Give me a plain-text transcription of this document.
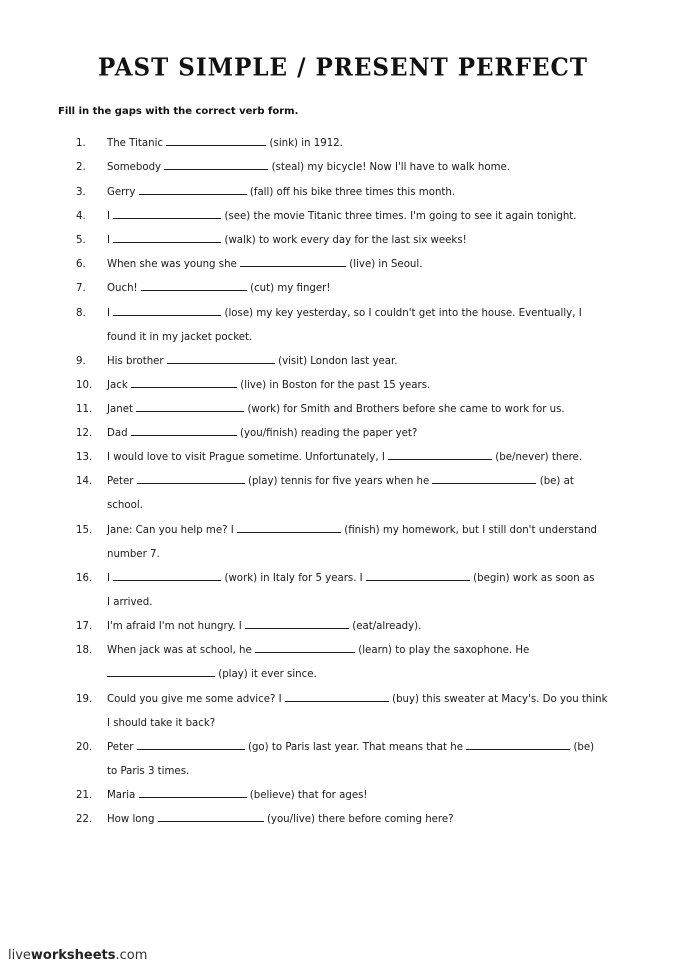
PAST SIMPLE / PRESENT PERFECT
Fill in the gaps with the correct verb form.
1.	The Titanic	(sink) in 1912.
2.	Somebody	(steal) my bicycle! Now I'll have to walk home.
3.	Gerry	(fall) off his bike three times this month.
4.	I	(see) the movie Titanic three times. I'm going to see it again tonight.
5.	I	(walk) to work every day for the last six weeks!
6.	When she was young she	(live) in Seoul.
7.	Ouch!	(cut) my finger!
8.	I	(lose) my key yesterday, so I couldn't get into the house. Eventually, I
found it in my jacket pocket.
9.	His brother	(visit) London last year.
10.	Jack	(live) in Boston for the past 15 years.
11.	Janet	(work) for Smith and Brothers before she came to work for us.
12.	Dad	(you/finish) reading the paper yet?
13.	I would love to visit Prague sometime. Unfortunately, I	(be/never) there.
14.	Peter	(play) tennis for five years when he	(be) at
school.
15.	Jane: Can you help me? I	(finish) my homework, but I still don't understand
number 7.
16.	I	(work) in Italy for 5 years. I	(begin) work as soon as
I arrived.
17.	I'm afraid I'm not hungry. I	(eat/already).
18.	When jack was at school, he	(learn) to play the saxophone. He
(play) it ever since.
19.	Could you give me some advice? I	(buy) this sweater at Macy's. Do you think
I should take it back?
20.	Peter	(go) to Paris last year. That means that he	(be)
to Paris 3 times.
21.	Maria	(believe) that for ages!
22.	How long	(you/live) there before coming here?
liveworksheets.com
